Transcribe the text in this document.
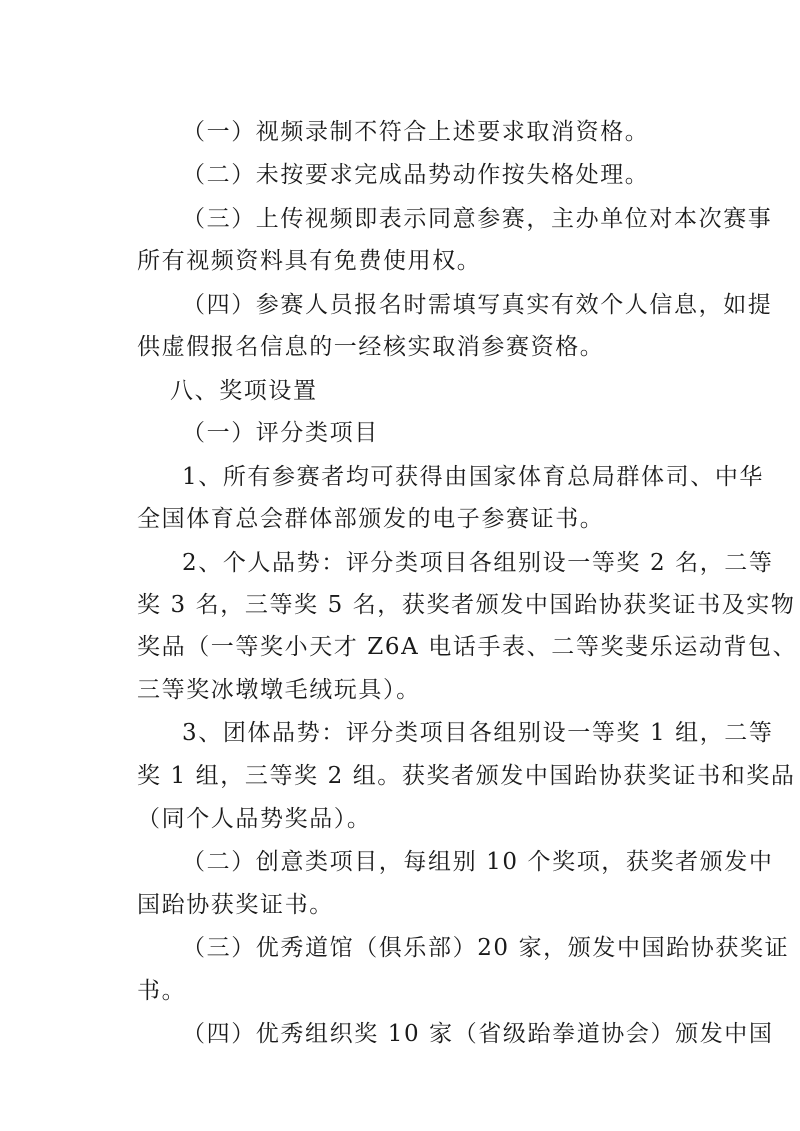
（一）视频录制不符合上述要求取消资格。
（二）未按要求完成品势动作按失格处理。
（三）上传视频即表示同意参赛，主办单位对本次赛事
所有视频资料具有免费使用权。
（四）参赛人员报名时需填写真实有效个人信息，如提
供虚假报名信息的一经核实取消参赛资格。
八、奖项设置
（一）评分类项目
1、所有参赛者均可获得由国家体育总局群体司、中华
全国体育总会群体部颁发的电子参赛证书。
2、个人品势：评分类项目各组别设一等奖 2 名，二等
奖 3 名，三等奖 5 名，获奖者颁发中国跆协获奖证书及实物
奖品（一等奖小天才 Z6A 电话手表、二等奖斐乐运动背包、
三等奖冰墩墩毛绒玩具）。
3、团体品势：评分类项目各组别设一等奖 1 组，二等
奖 1 组，三等奖 2 组。获奖者颁发中国跆协获奖证书和奖品
（同个人品势奖品）。
（二）创意类项目，每组别 10 个奖项，获奖者颁发中
国跆协获奖证书。
（三）优秀道馆（俱乐部）20 家，颁发中国跆协获奖证
书。
（四）优秀组织奖 10 家（省级跆拳道协会）颁发中国
